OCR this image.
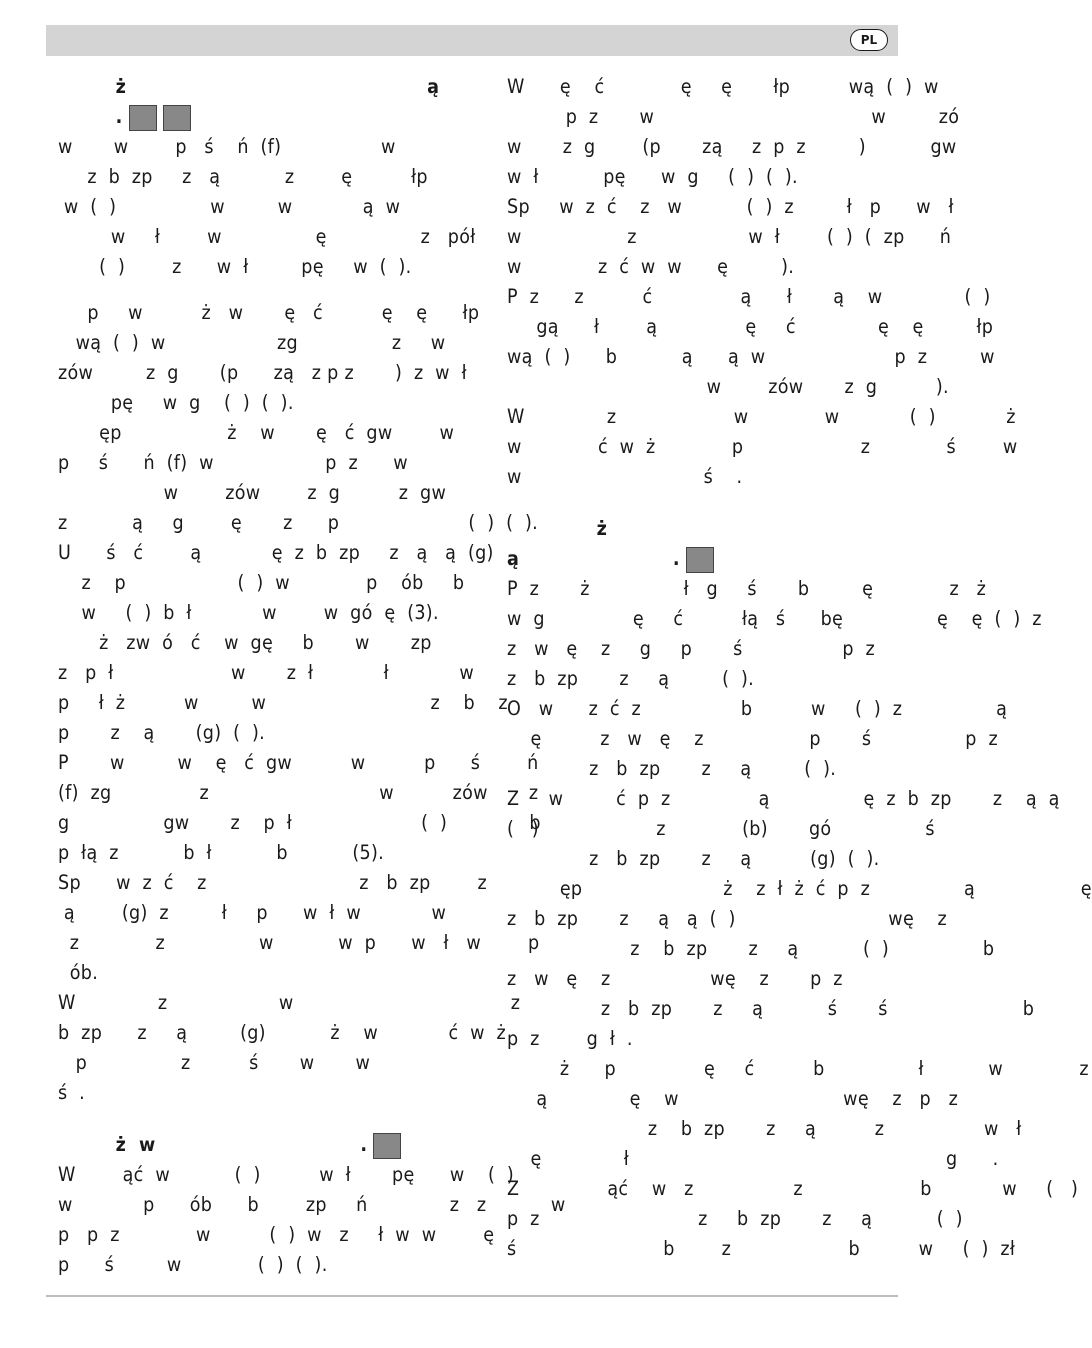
PL
ż                                               ą
.
w       w        p   ś    ń  (f)                 w
z  b  zp     z   ą           z        ę          łp
w  (  )                w         w            ą  w
w     ł        w                ę                z   pół
(  )        z      w  ł         pę     w  (  ).
p     w          ż   w       ę   ć          ę    ę      łp
wą  (  )  w                   zg                z     w
zów         z  g       (p      zą   z p z       )  z  w  ł
pę     w  g    (  )  (  ).
ęp                  ż    w       ę   ć  gw        w
p     ś      ń  (f)  w                   p  z      w
w        zów        z  g          z  gw
z           ą     g        ę       z      p                      (  )  (  ).
U      ś   ć        ą            ę  z  b  zp     z   ą   ą  (g)
z    p                   (  )  w             p    ób     b
w     (  )  b  ł            w        w  gó  ę  (3).
ż   zw  ó   ć    w  gę     b       w       zp
z   p  ł                    w       z  ł            ł            w
p     ł  ż          w         w                            z    b    z
p       z    ą       (g)  (  ).
P       w         w    ę   ć  gw          w          p      ś        ń
(f)  zg               z                             w          zów       z
g                gw       z    p  ł                      (  )              b
p  łą  z           b  ł           b           (5).
Sp      w  z  ć    z                          z   b  zp        z
ą        (g)  z         ł     p      w  ł  w            w
z             z                w           w  p      w   ł   w        p
ób.
W              z                   w                                     z
b  zp      z     ą         (g)           ż    w            ć  w  ż
p                z          ś       w       w
ś  .
ż  w                                .
W        ąć  w           (  )          w  ł       pę      w    (  )
w            p      ób      b        zp     ń              z   z           w
p   p  z             w          (  )  w   z     ł  w  w        ę
p      ś         w             (  )  (  ).
W      ę    ć             ę     ę       łp          wą  (  )  w
p  z       w                                     w         zó
w       z  g        (p       zą     z  p  z         )           gw
w  ł           pę      w  g     (  )  (  ).
Sp     w  z  ć    z   w           (  )  z         ł   p      w   ł
w                  z                   w  ł        (  )  (  zp      ń
w             z  ć  w  w      ę         ).
P  z      z          ć               ą      ł       ą    w              (  )
gą      ł        ą               ę     ć              ę    ę         łp
wą  (  )      b           ą      ą  w                      p  z         w
w        zów       z  g          ).
W              z                    w             w            (  )            ż
w             ć  w  ż             p                    z             ś        w
w                               ś    .
ż
ą                        .
P  z       ż                ł   g     ś       b         ę             z   ż
w  g               ę     ć          łą   ś      bę                ę    ę  (  )  z
z   w   ę    z     g     p       ś                 p  z
z   b  zp       z     ą         (  ).
O   w      z  ć  z                 b          w     (  )  z                ą
ę          z   w   ę    z                  p       ś                p  z
z   b  zp       z     ą         (  ).
Z     w         ć  p  z               ą                ę  z  b  zp       z    ą  ą
(   )                    z             (b)       gó                ś
z   b  zp       z     ą          (g)  (  ).
ęp                        ż    z  ł  ż  ć  p  z                ą                  ę
z   b  zp       z     ą   ą  (  )                          wę    z
z    b  zp       z     ą           (  )                b
z   w   ę    z                 wę    z       p  z
z   b  zp       z     ą           ś       ś                       b
p  z        g  ł  .
ż      p               ę     ć          b                ł           w             z
ą              ę    w                            wę    z   p   z
z    b  zp       z     ą          z                 w   ł
ę              ł                                                      g      .
Z               ąć    w   z                 z                    b            w     (   )
p  z                           z     b  zp       z     ą           (  )
ś                         b        z                    b          w     (  )  zł
